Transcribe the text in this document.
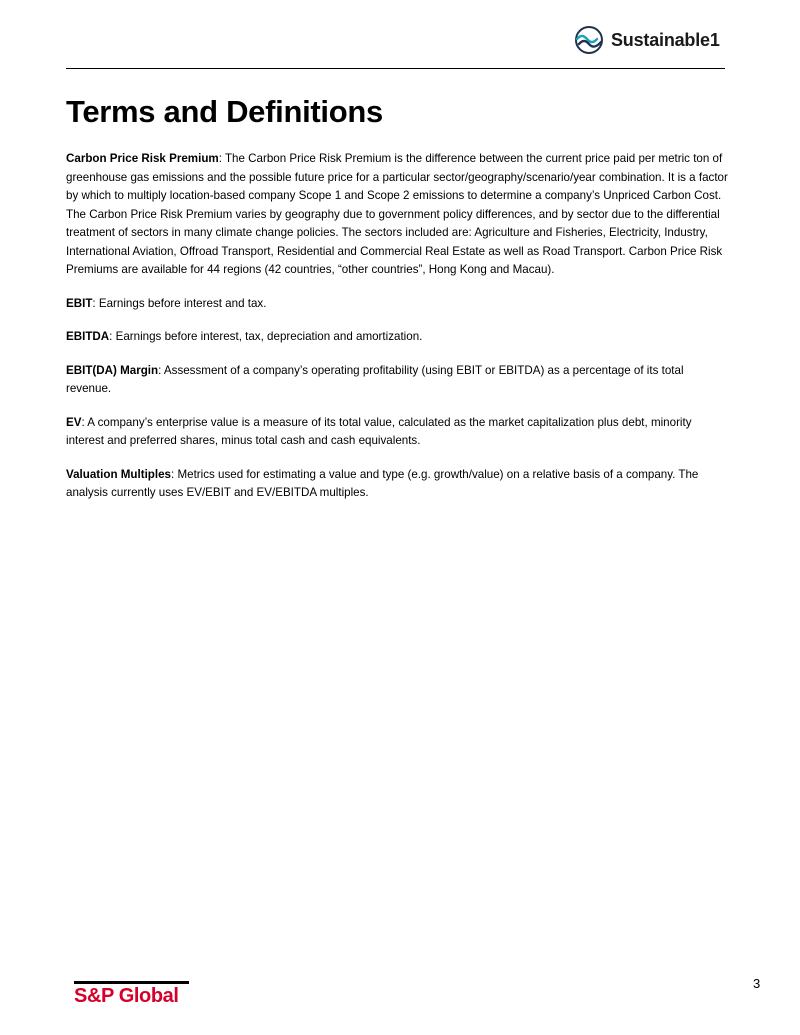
Sustainable1
Terms and Definitions

Carbon Price Risk Premium: The Carbon Price Risk Premium is the difference between the current price paid per metric ton of greenhouse gas emissions and the possible future price for a particular sector/geography/scenario/year combination. It is a factor by which to multiply location-based company Scope 1 and Scope 2 emissions to determine a company’s Unpriced Carbon Cost.

The Carbon Price Risk Premium varies by geography due to government policy differences, and by sector due to the differential treatment of sectors in many climate change policies. The sectors included are: Agriculture and Fisheries, Electricity, Industry, International Aviation, Offroad Transport, Residential and Commercial Real Estate as well as Road Transport. Carbon Price Risk Premiums are available for 44 regions (42 countries, “other countries”, Hong Kong and Macau).

EBIT: Earnings before interest and tax.

EBITDA: Earnings before interest, tax, depreciation and amortization.

EBIT(DA) Margin: Assessment of a company’s operating profitability (using EBIT or EBITDA) as a percentage of its total revenue.

EV: A company’s enterprise value is a measure of its total value, calculated as the market capitalization plus debt, minority interest and preferred shares, minus total cash and cash equivalents.

Valuation Multiples: Metrics used for estimating a value and type (e.g. growth/value) on a relative basis of a company. The analysis currently uses EV/EBIT and EV/EBITDA multiples.

S&P Global
3
